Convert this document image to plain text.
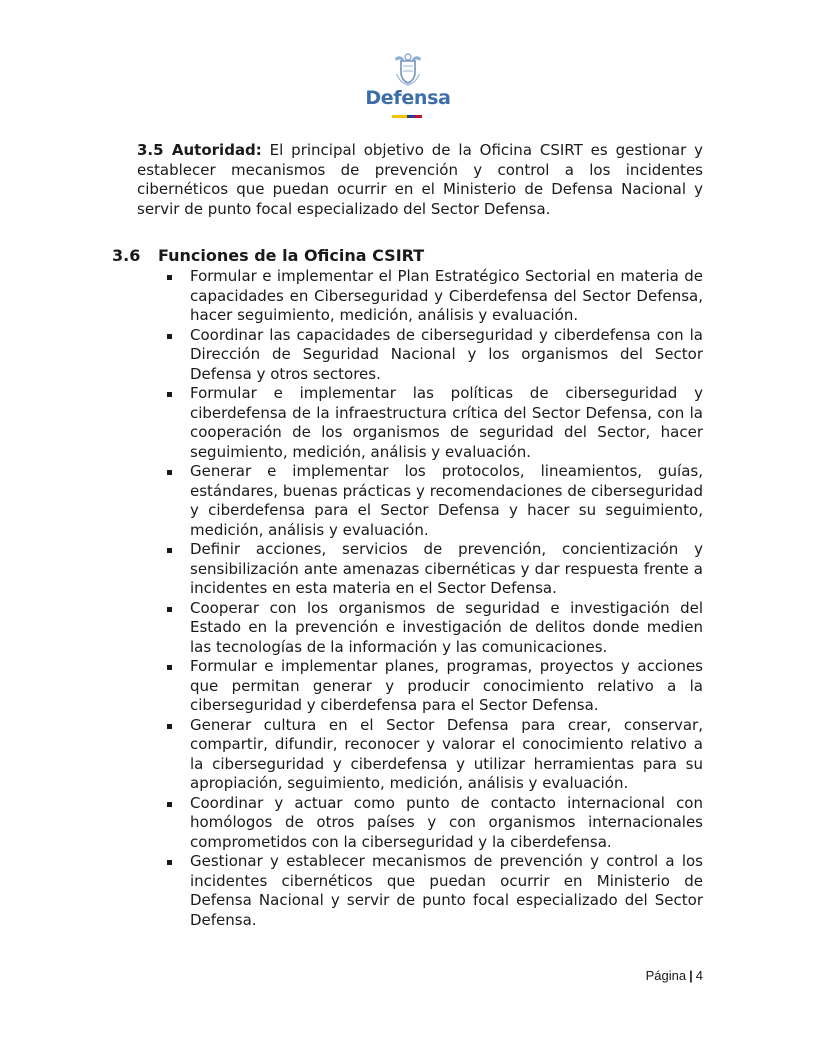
Defensa

3.5 Autoridad: El principal objetivo de la Oficina CSIRT es gestionar y establecer mecanismos de prevención y control a los incidentes cibernéticos que puedan ocurrir en el Ministerio de Defensa Nacional y servir de punto focal especializado del Sector Defensa.

3.6 Funciones de la Oficina CSIRT
Formular e implementar el Plan Estratégico Sectorial en materia de capacidades en Ciberseguridad y Ciberdefensa del Sector Defensa, hacer seguimiento, medición, análisis y evaluación.
Coordinar las capacidades de ciberseguridad y ciberdefensa con la Dirección de Seguridad Nacional y los organismos del Sector Defensa y otros sectores.
Formular e implementar las políticas de ciberseguridad y ciberdefensa de la infraestructura crítica del Sector Defensa, con la cooperación de los organismos de seguridad del Sector, hacer seguimiento, medición, análisis y evaluación.
Generar e implementar los protocolos, lineamientos, guías, estándares, buenas prácticas y recomendaciones de ciberseguridad y ciberdefensa para el Sector Defensa y hacer su seguimiento, medición, análisis y evaluación.
Definir acciones, servicios de prevención, concientización y sensibilización ante amenazas cibernéticas y dar respuesta frente a incidentes en esta materia en el Sector Defensa.
Cooperar con los organismos de seguridad e investigación del Estado en la prevención e investigación de delitos donde medien las tecnologías de la información y las comunicaciones.
Formular e implementar planes, programas, proyectos y acciones que permitan generar y producir conocimiento relativo a la ciberseguridad y ciberdefensa para el Sector Defensa.
Generar cultura en el Sector Defensa para crear, conservar, compartir, difundir, reconocer y valorar el conocimiento relativo a la ciberseguridad y ciberdefensa y utilizar herramientas para su apropiación, seguimiento, medición, análisis y evaluación.
Coordinar y actuar como punto de contacto internacional con homólogos de otros países y con organismos internacionales comprometidos con la ciberseguridad y la ciberdefensa.
Gestionar y establecer mecanismos de prevención y control a los incidentes cibernéticos que puedan ocurrir en Ministerio de Defensa Nacional y servir de punto focal especializado del Sector Defensa.
Página | 4
